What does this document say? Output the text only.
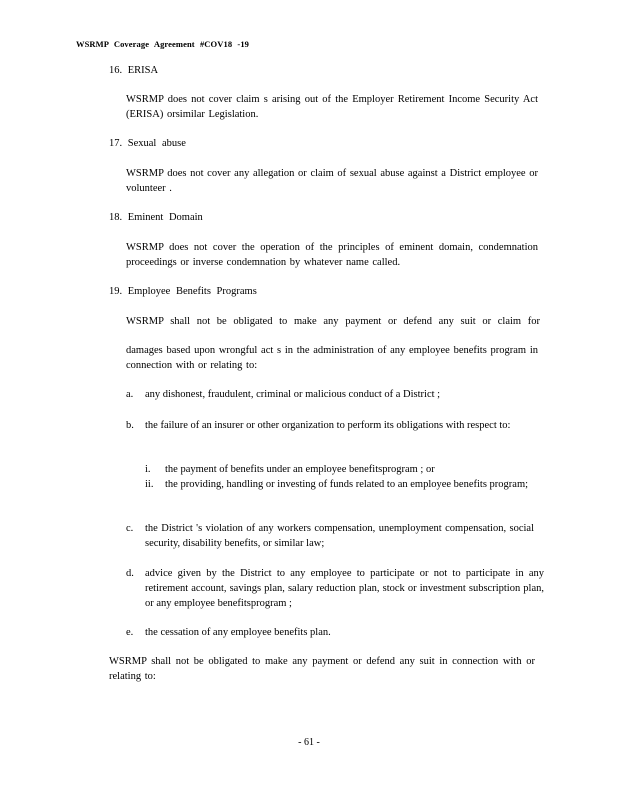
WSRMP Coverage Agreement #COV18 -19
16. ERISA
WSRMP does not cover claim s arising out of the Employer Retirement Income Security Act (ERISA) orsimilar Legislation.
17. Sexual abuse
WSRMP does not cover any allegation or claim of sexual abuse against a District employee or volunteer .
18. Eminent Domain
WSRMP does not cover the operation of the principles of eminent domain, condemnation proceedings or inverse condemnation by whatever name called.
19. Employee Benefits Programs
WSRMP shall not be obligated to make any payment or defend any suit or claim for
damages based upon wrongful act s in the administration of any employee benefits program in connection with or relating to:
a.	any dishonest, fraudulent, criminal or malicious conduct of a District ;
b.	the failure of an insurer or other organization to perform its obligations with respect to:
i.	the payment of benefits under an employee benefitsprogram ; or
ii.	the providing, handling or investing of funds related to an employee benefits program;
c.	the District 's violation of any workers compensation, unemployment compensation, social security, disability benefits, or similar law;
d.	advice given by the District to any employee to participate or not to participate in any retirement account, savings plan, salary reduction plan, stock or investment subscription plan, or any employee benefitsprogram ;
e.	the cessation of any employee benefits plan.
WSRMP shall not be obligated to make any payment or defend any suit in connection with or relating to:
- 61 -
